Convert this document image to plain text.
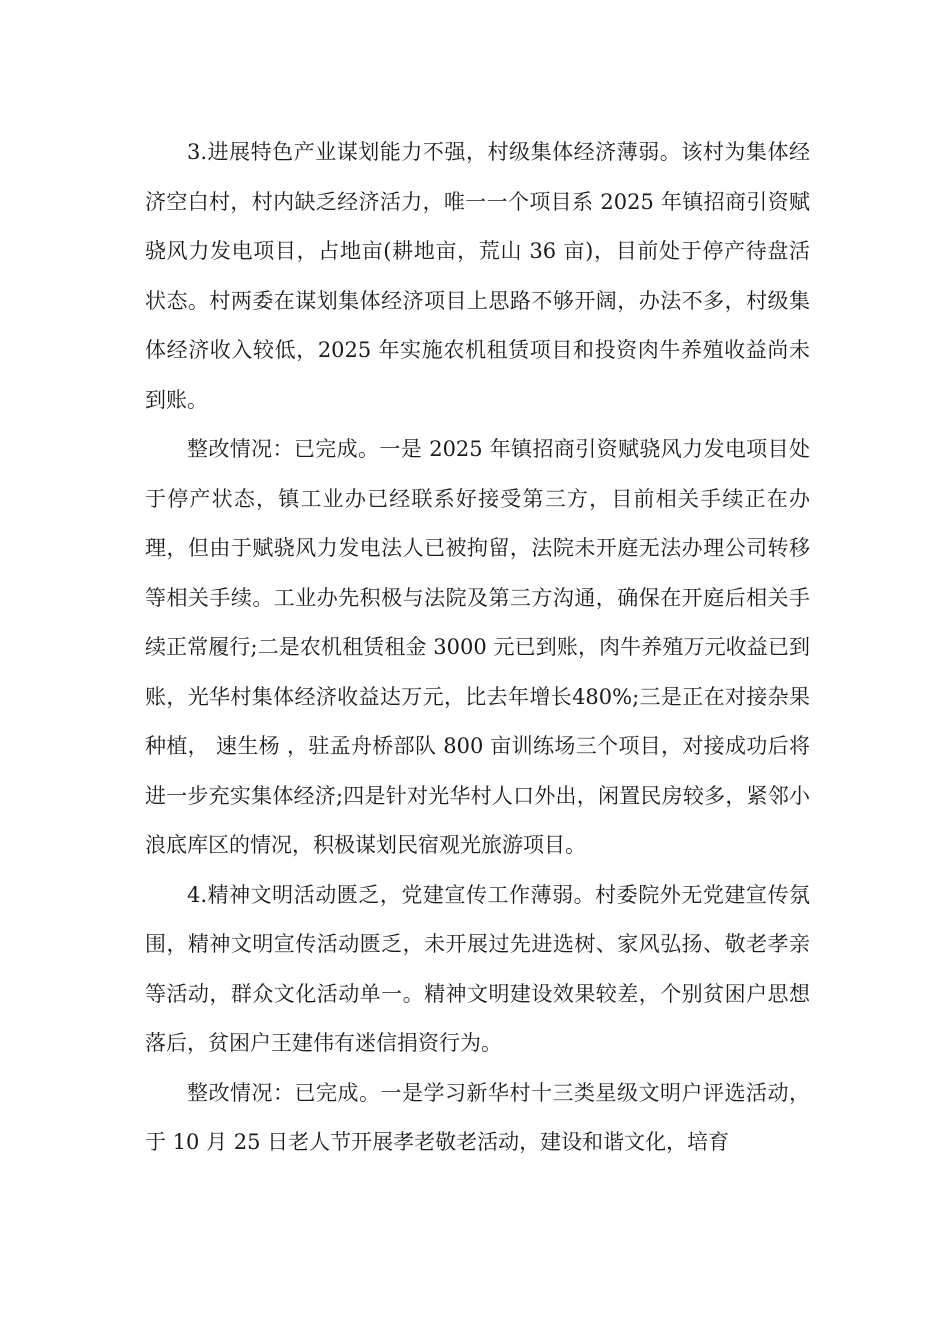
3.进展特色产业谋划能力不强，村级集体经济薄弱。该村为集体经济空白村，村内缺乏经济活力，唯一一个项目系 2025 年镇招商引资赋骁风力发电项目，占地亩(耕地亩，荒山 36 亩)，目前处于停产待盘活状态。村两委在谋划集体经济项目上思路不够开阔，办法不多，村级集体经济收入较低，2025 年实施农机租赁项目和投资肉牛养殖收益尚未到账。

整改情况：已完成。一是 2025 年镇招商引资赋骁风力发电项目处于停产状态，镇工业办已经联系好接受第三方，目前相关手续正在办理，但由于赋骁风力发电法人已被拘留，法院未开庭无法办理公司转移等相关手续。工业办先积极与法院及第三方沟通，确保在开庭后相关手续正常履行;二是农机租赁租金 3000 元已到账，肉牛养殖万元收益已到账，光华村集体经济收益达万元，比去年增长480%;三是正在对接杂果种植， 速生杨 ，驻孟舟桥部队 800 亩训练场三个项目，对接成功后将进一步充实集体经济;四是针对光华村人口外出，闲置民房较多，紧邻小浪底库区的情况，积极谋划民宿观光旅游项目。

4.精神文明活动匮乏，党建宣传工作薄弱。村委院外无党建宣传氛围，精神文明宣传活动匮乏，未开展过先进选树、家风弘扬、敬老孝亲等活动，群众文化活动单一。精神文明建设效果较差，个别贫困户思想落后，贫困户王建伟有迷信捐资行为。

整改情况：已完成。一是学习新华村十三类星级文明户评选活动，于 10 月 25 日老人节开展孝老敬老活动，建设和谐文化，培育
